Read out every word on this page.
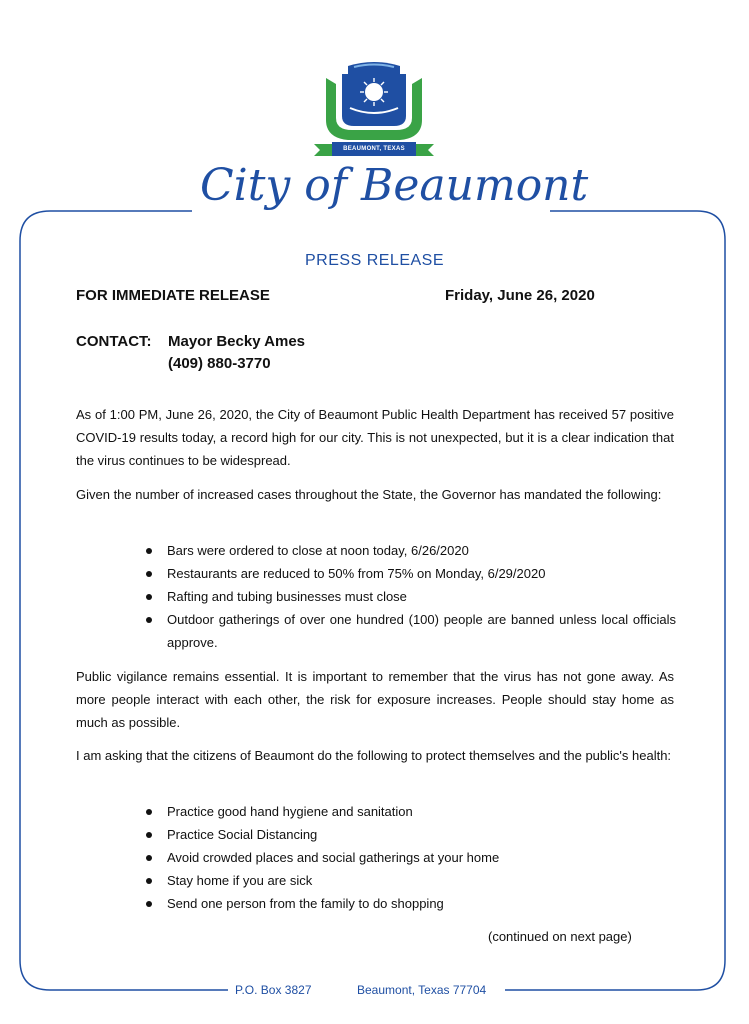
BEAUMONT, TEXAS
City of Beaumont
PRESS RELEASE
FOR IMMEDIATE RELEASE	Friday, June 26, 2020
CONTACT: Mayor Becky Ames
(409) 880-3770
As of 1:00 PM, June 26, 2020, the City of Beaumont Public Health Department has received 57 positive COVID-19 results today, a record high for our city. This is not unexpected, but it is a clear indication that the virus continues to be widespread.
Given the number of increased cases throughout the State, the Governor has mandated the following:
Bars were ordered to close at noon today, 6/26/2020
Restaurants are reduced to 50% from 75% on Monday, 6/29/2020
Rafting and tubing businesses must close
Outdoor gatherings of over one hundred (100) people are banned unless local officials approve.
Public vigilance remains essential. It is important to remember that the virus has not gone away. As more people interact with each other, the risk for exposure increases. People should stay home as much as possible.
I am asking that the citizens of Beaumont do the following to protect themselves and the public's health:
Practice good hand hygiene and sanitation
Practice Social Distancing
Avoid crowded places and social gatherings at your home
Stay home if you are sick
Send one person from the family to do shopping
(continued on next page)
P.O. Box 3827	Beaumont, Texas 77704
